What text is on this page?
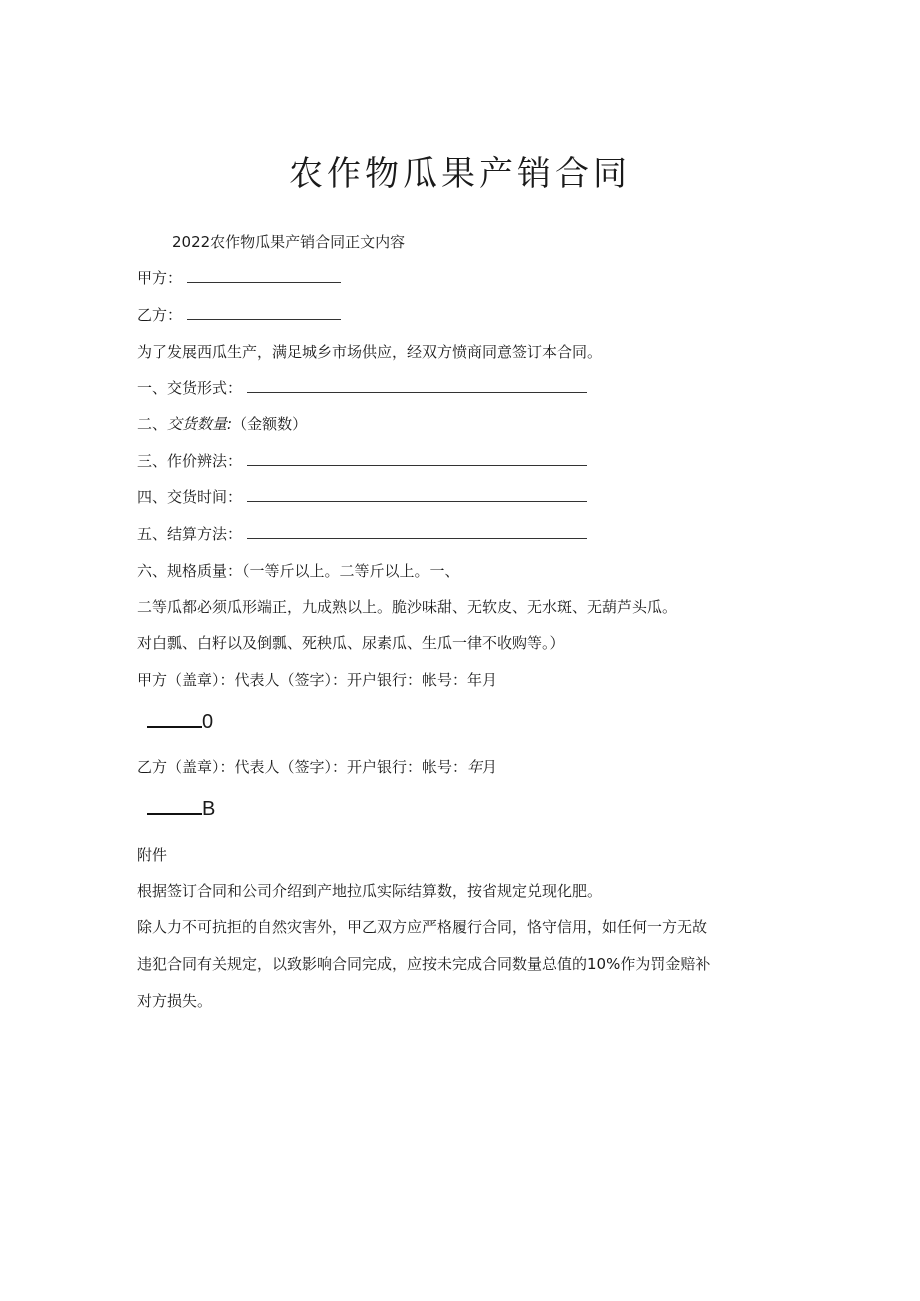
农作物瓜果产销合同
2022农作物瓜果产销合同正文内容
甲方：
乙方：
为了发展西瓜生产，满足城乡市场供应，经双方愤商同意签订本合同。
一、交货形式：
二、交货数量:（金额数）
三、作价辨法：
四、交货时间：
五、结算方法：
六、规格质量：（一等斤以上。二等斤以上。一、
二等瓜都必须瓜形端正，九成熟以上。脆沙味甜、无软皮、无水斑、无葫芦头瓜。
对白瓢、白籽以及倒瓢、死秧瓜、尿素瓜、生瓜一律不收购等。）
甲方（盖章）：代表人（签字）：开户银行：帐号：年月
0
乙方（盖章）：代表人（签字）：开户银行：帐号：年月
B
附件
根据签订合同和公司介绍到产地拉瓜实际结算数，按省规定兑现化肥。
除人力不可抗拒的自然灾害外，甲乙双方应严格履行合同，恪守信用，如任何一方无故
违犯合同有关规定，以致影响合同完成，应按未完成合同数量总值的10%作为罚金赔补
对方损失。
